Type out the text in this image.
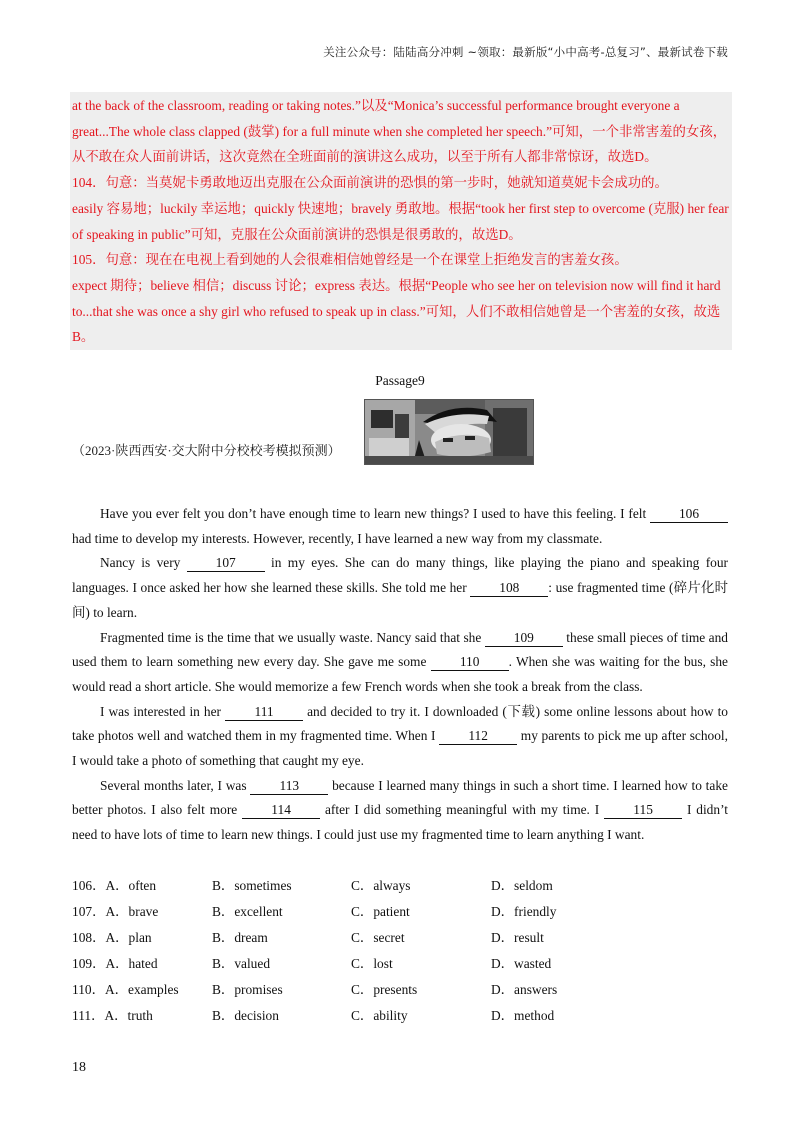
关注公众号：陆陆高分冲刺 ~领取：最新版“小中高考-总复习”、最新试卷下载

at the back of the classroom, reading or taking notes.”以及“Monica’s successful performance brought everyone a great...The whole class clapped (鼓掌) for a full minute when she completed her speech.”可知，一个非常害羞的女孩，从不敢在众人面前讲话，这次竟然在全班面前的演讲这么成功，以至于所有人都非常惊讶，故选D。

104．句意：当莫妮卡勇敢地迈出克服在公众面前演讲的恐惧的第一步时，她就知道莫妮卡会成功的。

easily 容易地；luckily 幸运地；quickly 快速地；bravely 勇敢地。根据“took her first step to overcome (克服) her fear of speaking in public”可知，克服在公众面前演讲的恐惧是很勇敢的，故选D。

105．句意：现在在电视上看到她的人会很难相信她曾经是一个在课堂上拒绝发言的害羞女孩。

expect 期待；believe 相信；discuss 讨论；express 表达。根据“People who see her on television now will find it hard to...that she was once a shy girl who refused to speak up in class.”可知，人们不敢相信她曾是一个害羞的女孩，故选B。

Passage9
（2023·陕西西安·交大附中分校校考模拟预测）

Have you ever felt you don’t have enough time to learn new things? I used to have this feeling. I felt 106 had time to develop my interests. However, recently, I have learned a new way from my classmate.

Nancy is very 107 in my eyes. She can do many things, like playing the piano and speaking four languages. I once asked her how she learned these skills. She told me her 108 : use fragmented time (碎片化时间) to learn.

Fragmented time is the time that we usually waste. Nancy said that she 109 these small pieces of time and used them to learn something new every day. She gave me some 110 . When she was waiting for the bus, she would read a short article. She would memorize a few French words when she took a break from the class.

I was interested in her 111 and decided to try it. I downloaded (下载) some online lessons about how to take photos well and watched them in my fragmented time. When I 112 my parents to pick me up after school, I would take a photo of something that caught my eye.

Several months later, I was 113 because I learned many things in such a short time. I learned how to take better photos. I also felt more 114 after I did something meaningful with my time. I 115 I didn’t need to have lots of time to learn new things. I could just use my fragmented time to learn anything I want.

106．A．often	B．sometimes	C．always	D．seldom
107．A．brave	B．excellent	C．patient	D．friendly
108．A．plan	B．dream	C．secret	D．result
109．A．hated	B．valued	C．lost	D．wasted
110．A．examples B．promises	C．presents	D．answers
111．A．truth	B．decision	C．ability	D．method
18
